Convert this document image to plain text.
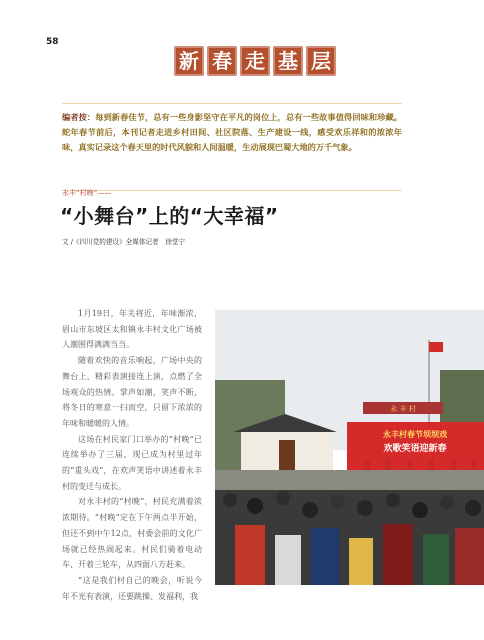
58
新 春 走 基 层

编者按：每到新春佳节，总有一些身影坚守在平凡的岗位上，总有一些故事值得回味和珍藏。蛇年春节前后，本刊记者走进乡村田间、社区院落、生产建设一线，感受欢乐祥和的浓浓年味，真实记录这个春天里的时代风貌和人间温暖，生动展现巴蜀大地的万千气象。

永丰“村晚”——
“小舞台”上的“大幸福”
文 /《四川党的建设》全媒体记者　徐堂宁

1月19日，年关将近，年味渐浓，眉山市东坡区太和镇永丰村文化广场被人潮围得满满当当。

随着欢快的音乐响起，广场中央的舞台上，精彩表演接连上演，点燃了全场观众的热情。掌声如潮，笑声不断，将冬日的寒意一扫而空，只留下浓浓的年味和暖暖的人情。

这场在村民家门口举办的“村晚”已连续举办了三届，现已成为村里过年的“重头戏”，在欢声笑语中讲述着永丰村的变迁与成长。

对永丰村的“村晚”，村民充满着浓浓期待。“村晚”定在下午两点半开始，但还不到中午12点，村委会前的文化广场就已经热闹起来。村民们骑着电动车、开着三轮车，从四面八方赶来。

“这是我们村自己的晚会，听说今年不光有表演，还要跳操、发福利，我

永 丰 村
永丰村春节坝坝戏
欢歌笑语迎新春
